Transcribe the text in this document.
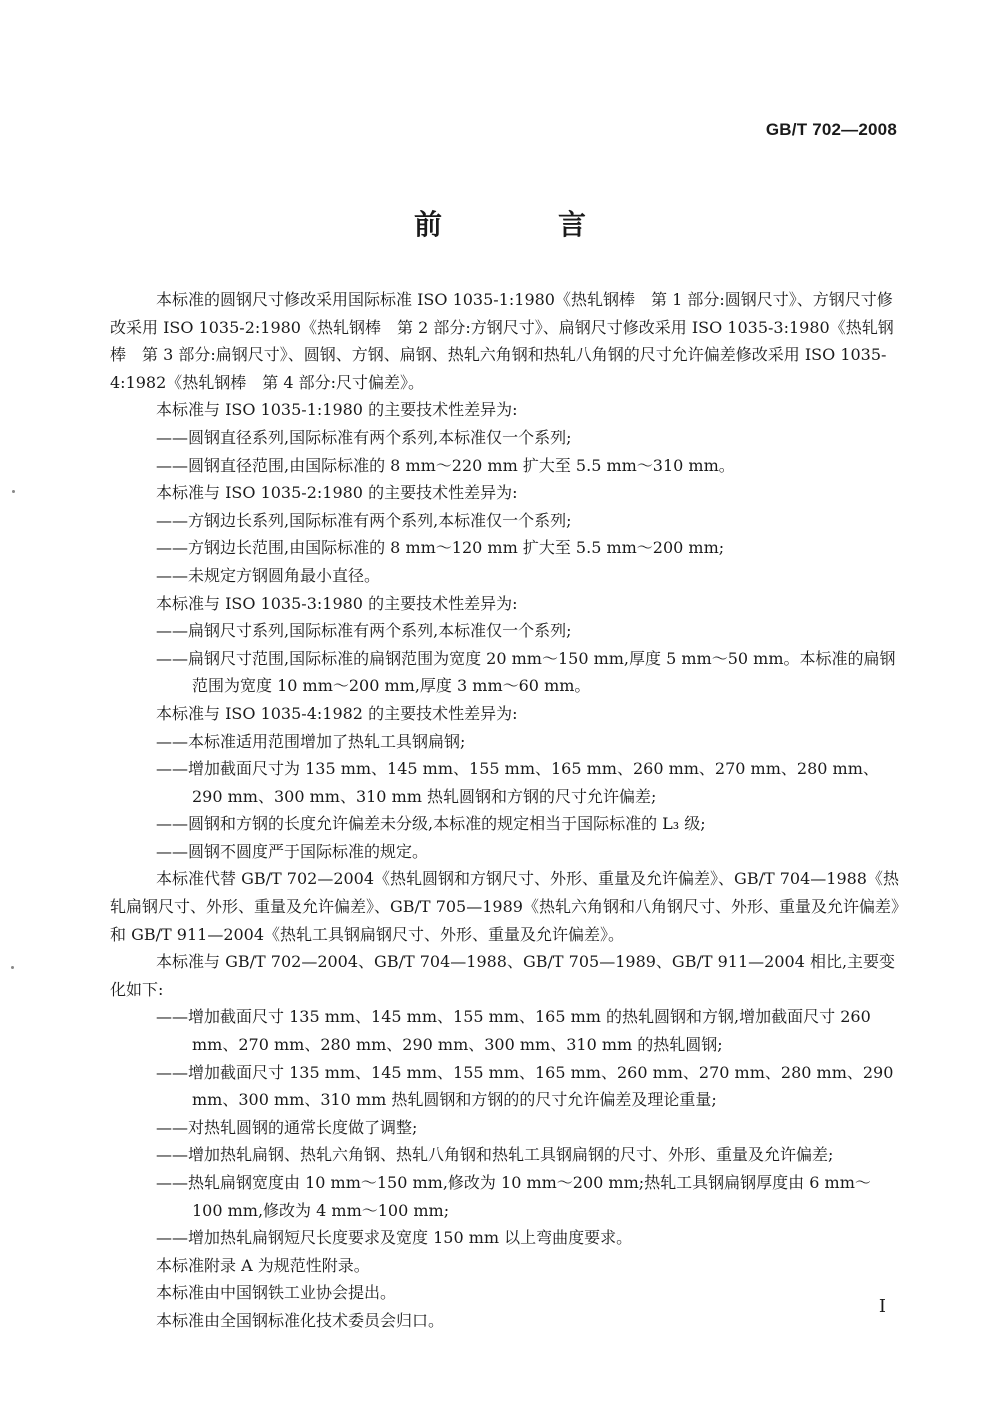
GB/T 702—2008
前　言

本标准的圆钢尺寸修改采用国际标准 ISO 1035-1:1980《热轧钢棒　第 1 部分:圆钢尺寸》、方钢尺寸修改采用 ISO 1035-2:1980《热轧钢棒　第 2 部分:方钢尺寸》、扁钢尺寸修改采用 ISO 1035-3:1980《热轧钢棒　第 3 部分:扁钢尺寸》、圆钢、方钢、扁钢、热轧六角钢和热轧八角钢的尺寸允许偏差修改采用 ISO 1035-4:1982《热轧钢棒　第 4 部分:尺寸偏差》。

本标准与 ISO 1035-1:1980 的主要技术性差异为:

——圆钢直径系列,国际标准有两个系列,本标准仅一个系列;

——圆钢直径范围,由国际标准的 8 mm～220 mm 扩大至 5.5 mm～310 mm。

本标准与 ISO 1035-2:1980 的主要技术性差异为:

——方钢边长系列,国际标准有两个系列,本标准仅一个系列;

——方钢边长范围,由国际标准的 8 mm～120 mm 扩大至 5.5 mm～200 mm;

——未规定方钢圆角最小直径。

本标准与 ISO 1035-3:1980 的主要技术性差异为:

——扁钢尺寸系列,国际标准有两个系列,本标准仅一个系列;

——扁钢尺寸范围,国际标准的扁钢范围为宽度 20 mm～150 mm,厚度 5 mm～50 mm。本标准的扁钢范围为宽度 10 mm～200 mm,厚度 3 mm～60 mm。

本标准与 ISO 1035-4:1982 的主要技术性差异为:

——本标准适用范围增加了热轧工具钢扁钢;

——增加截面尺寸为 135 mm、145 mm、155 mm、165 mm、260 mm、270 mm、280 mm、290 mm、300 mm、310 mm 热轧圆钢和方钢的尺寸允许偏差;

——圆钢和方钢的长度允许偏差未分级,本标准的规定相当于国际标准的 L₃ 级;

——圆钢不圆度严于国际标准的规定。

本标准代替 GB/T 702—2004《热轧圆钢和方钢尺寸、外形、重量及允许偏差》、GB/T 704—1988《热轧扁钢尺寸、外形、重量及允许偏差》、GB/T 705—1989《热轧六角钢和八角钢尺寸、外形、重量及允许偏差》和 GB/T 911—2004《热轧工具钢扁钢尺寸、外形、重量及允许偏差》。

本标准与 GB/T 702—2004、GB/T 704—1988、GB/T 705—1989、GB/T 911—2004 相比,主要变化如下:

——增加截面尺寸 135 mm、145 mm、155 mm、165 mm 的热轧圆钢和方钢,增加截面尺寸 260 mm、270 mm、280 mm、290 mm、300 mm、310 mm 的热轧圆钢;

——增加截面尺寸 135 mm、145 mm、155 mm、165 mm、260 mm、270 mm、280 mm、290 mm、300 mm、310 mm 热轧圆钢和方钢的的尺寸允许偏差及理论重量;

——对热轧圆钢的通常长度做了调整;

——增加热轧扁钢、热轧六角钢、热轧八角钢和热轧工具钢扁钢的尺寸、外形、重量及允许偏差;

——热轧扁钢宽度由 10 mm～150 mm,修改为 10 mm～200 mm;热轧工具钢扁钢厚度由 6 mm～100 mm,修改为 4 mm～100 mm;

——增加热轧扁钢短尺长度要求及宽度 150 mm 以上弯曲度要求。

本标准附录 A 为规范性附录。

本标准由中国钢铁工业协会提出。

本标准由全国钢标准化技术委员会归口。

I
